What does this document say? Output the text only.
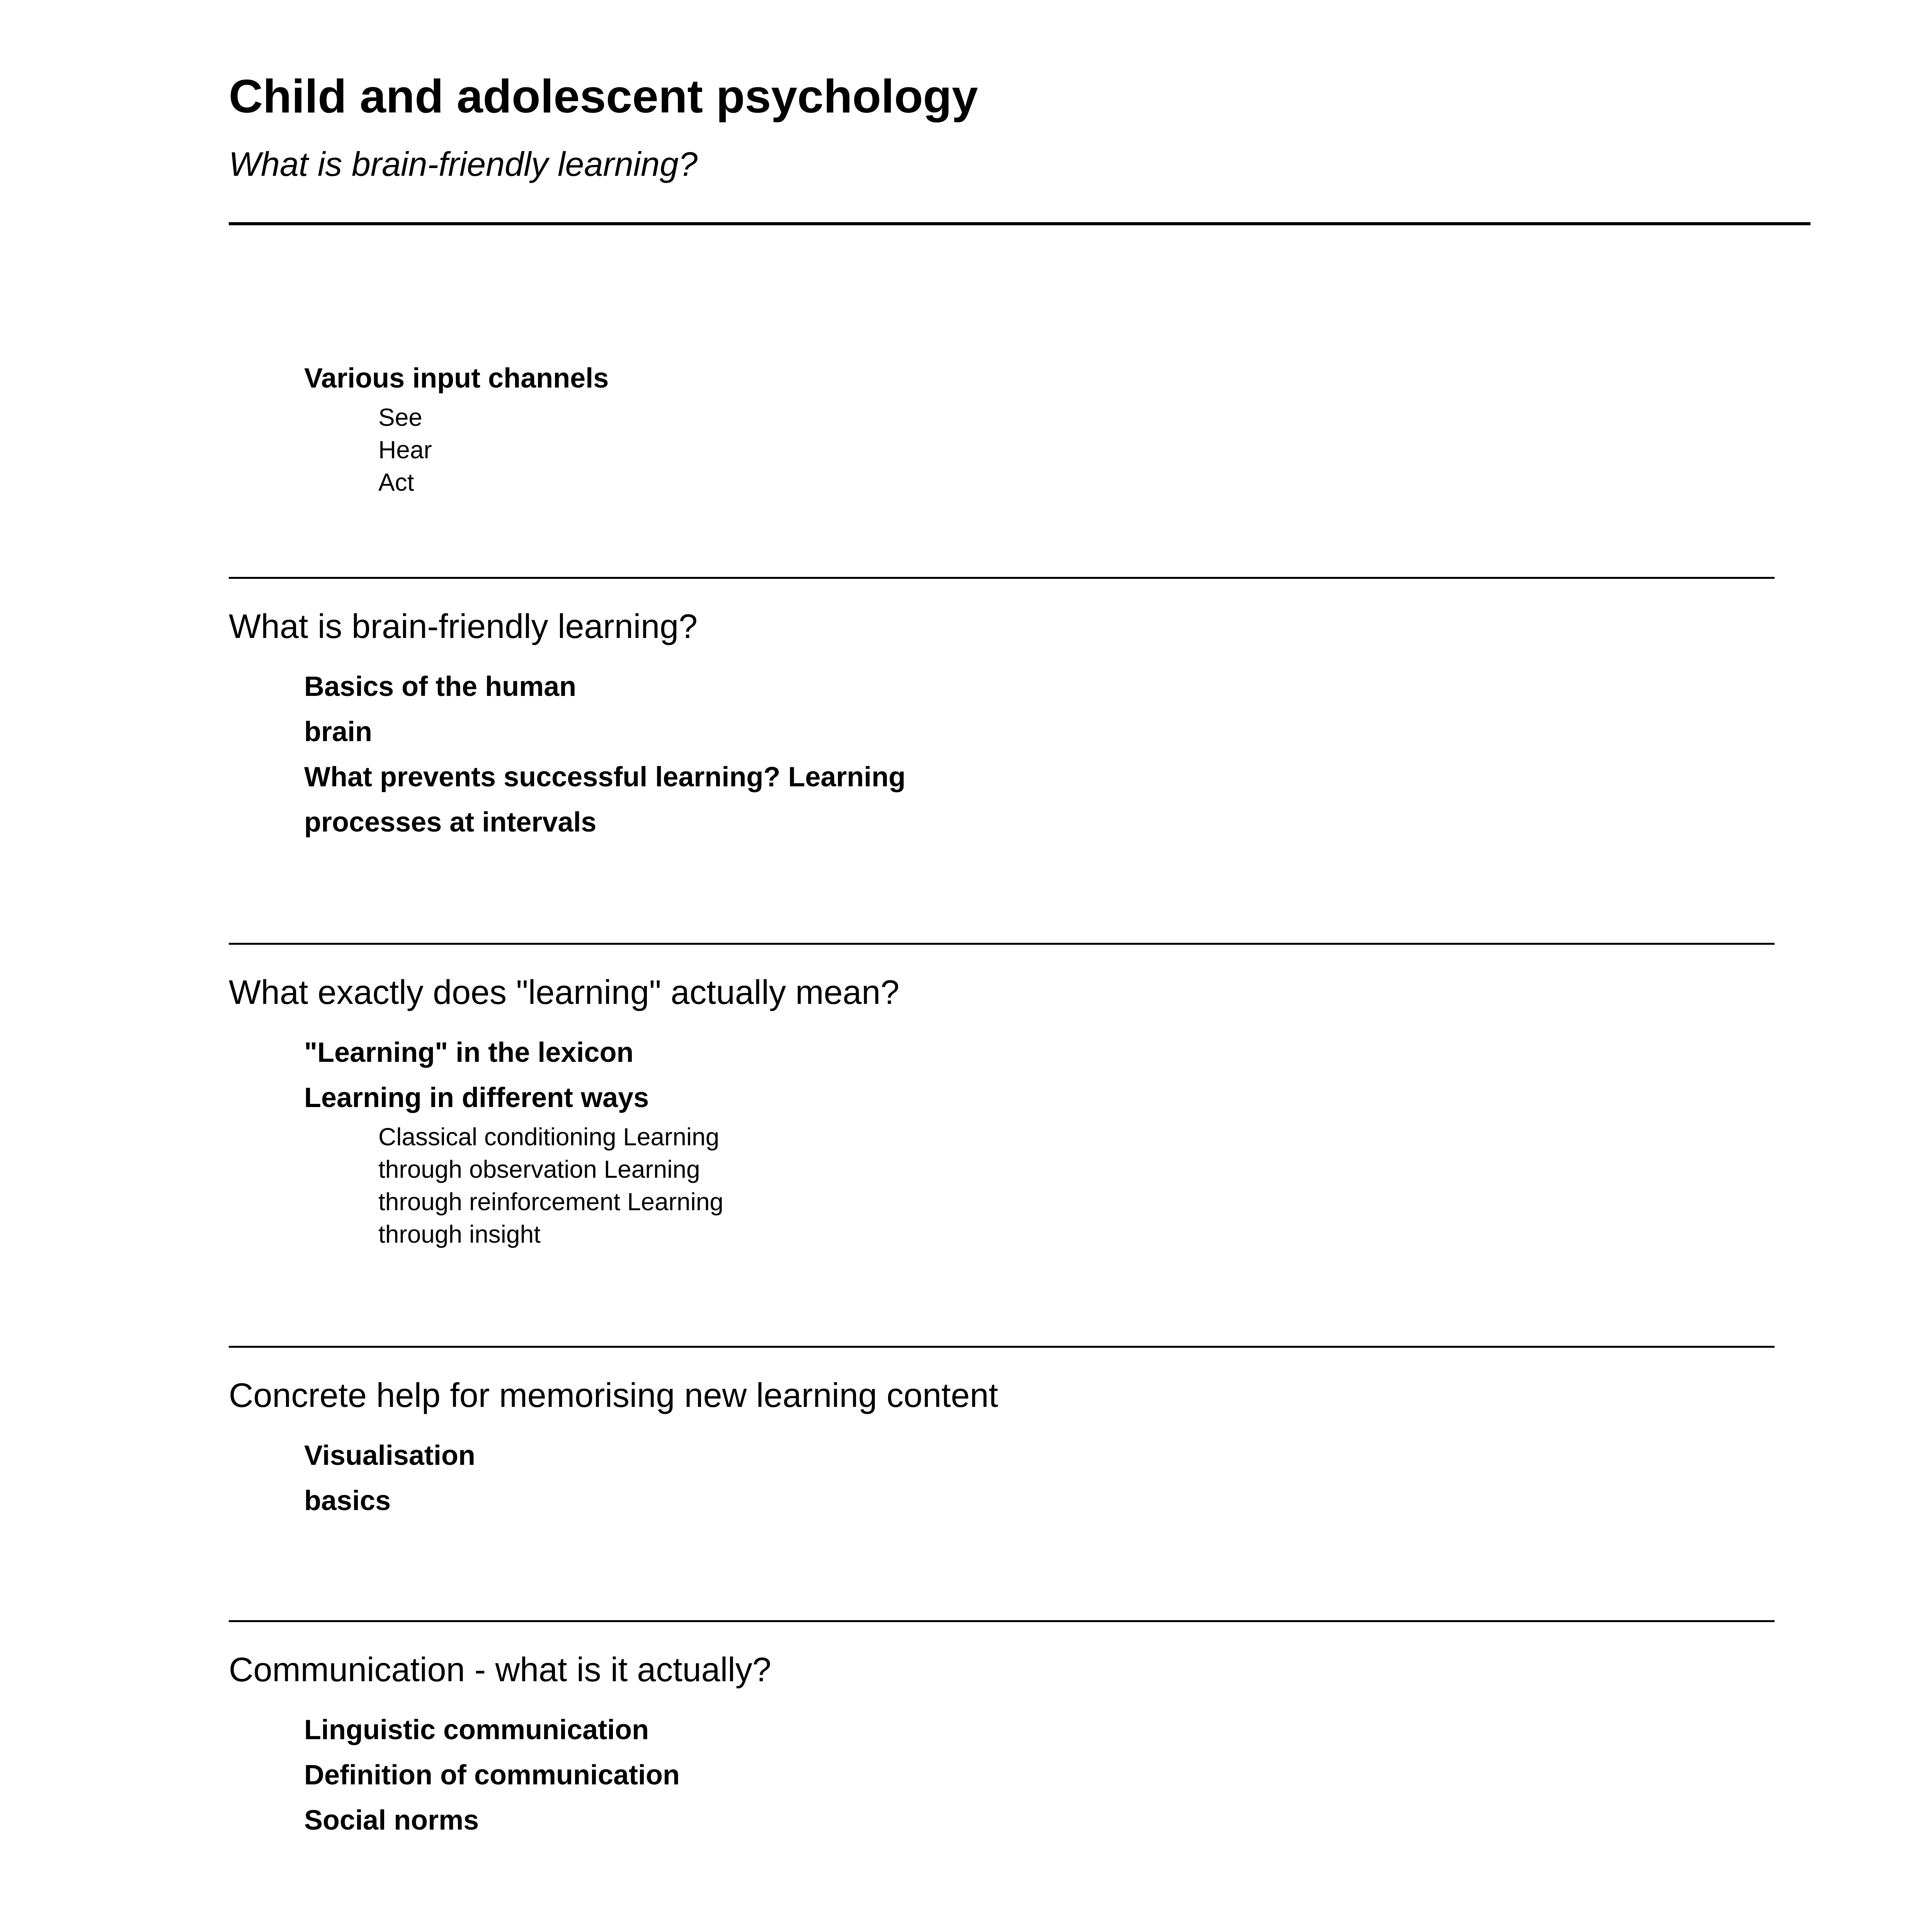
Child and adolescent psychology
What is brain-friendly learning?
Various input channels
See
Hear
Act
What is brain-friendly learning?
Basics of the human
brain
What prevents successful learning? Learning
processes at intervals
What exactly does "learning" actually mean?
"Learning" in the lexicon
Learning in different ways
Classical conditioning Learning
through observation Learning
through reinforcement Learning
through insight
Concrete help for memorising new learning content
Visualisation
basics
Communication - what is it actually?
Linguistic communication
Definition of communication
Social norms
